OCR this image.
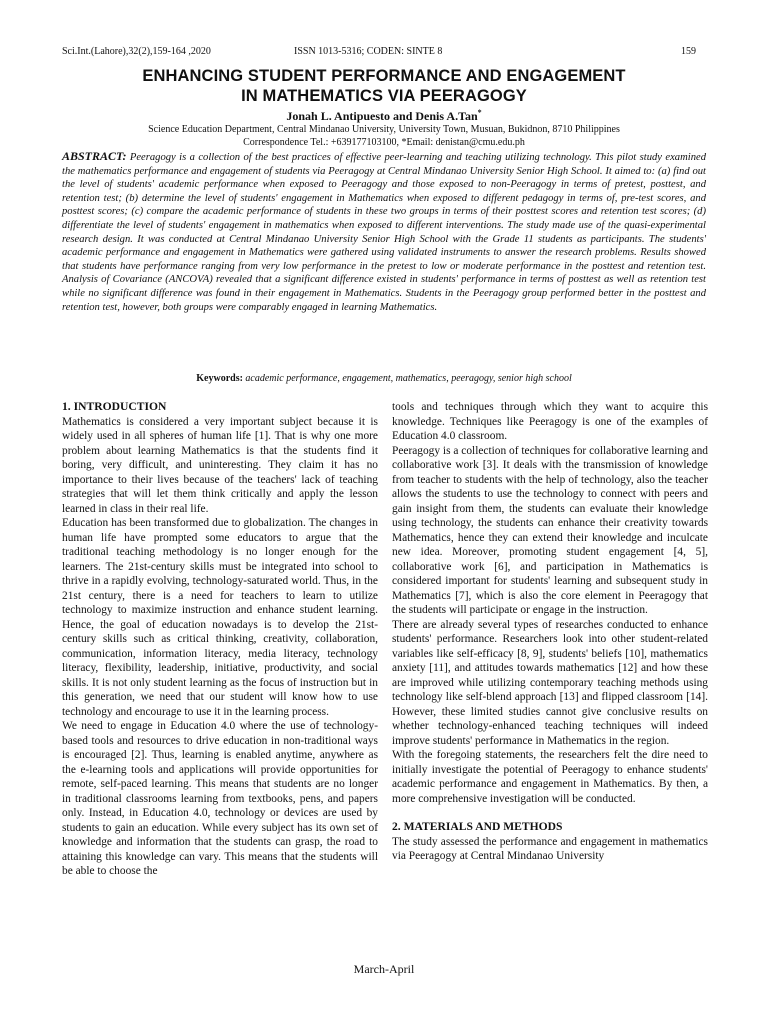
Sci.Int.(Lahore),32(2),159-164 ,2020	ISSN 1013-5316; CODEN: SINTE 8	159
ENHANCING STUDENT PERFORMANCE AND ENGAGEMENT
IN MATHEMATICS VIA PEERAGOGY
Jonah L. Antipuesto and Denis A.Tan*
Science Education Department, Central Mindanao University, University Town, Musuan, Bukidnon, 8710 Philippines
Correspondence Tel.: +639177103100, *Email: denistan@cmu.edu.ph
ABSTRACT: Peeragogy is a collection of the best practices of effective peer-learning and teaching utilizing technology. This pilot study examined the mathematics performance and engagement of students via Peeragogy at Central Mindanao University Senior High School. It aimed to: (a) find out the level of students' academic performance when exposed to Peeragogy and those exposed to non-Peeragogy in terms of pretest, posttest, and retention test; (b) determine the level of students' engagement in Mathematics when exposed to different pedagogy in terms of, pre-test scores, and posttest scores; (c) compare the academic performance of students in these two groups in terms of their posttest scores and retention test scores; (d) differentiate the level of students' engagement in mathematics when exposed to different interventions. The study made use of the quasi-experimental research design. It was conducted at Central Mindanao University Senior High School with the Grade 11 students as participants. The students' academic performance and engagement in Mathematics were gathered using validated instruments to answer the research problems. Results showed that students have performance ranging from very low performance in the pretest to low or moderate performance in the posttest and retention test. Analysis of Covariance (ANCOVA) revealed that a significant difference existed in students' performance in terms of posttest as well as retention test while no significant difference was found in their engagement in Mathematics. Students in the Peeragogy group performed better in the posttest and retention test, however, both groups were comparably engaged in learning Mathematics.
Keywords: academic performance, engagement, mathematics, peeragogy, senior high school

1. INTRODUCTION

Mathematics is considered a very important subject because it is widely used in all spheres of human life [1]. That is why one more problem about learning Mathematics is that the students find it boring, very difficult, and uninteresting. They claim it has no importance to their lives because of the teachers' lack of teaching strategies that will let them think critically and apply the lesson learned in class in their real life.

Education has been transformed due to globalization. The changes in human life have prompted some educators to argue that the traditional teaching methodology is no longer enough for the learners. The 21st-century skills must be integrated into school to thrive in a rapidly evolving, technology-saturated world. Thus, in the 21st century, there is a need for teachers to learn to utilize technology to maximize instruction and enhance student learning. Hence, the goal of education nowadays is to develop the 21st-century skills such as critical thinking, creativity, collaboration, communication, information literacy, media literacy, technology literacy, flexibility, leadership, initiative, productivity, and social skills. It is not only student learning as the focus of instruction but in this generation, we need that our student will know how to use technology and encourage to use it in the learning process.

We need to engage in Education 4.0 where the use of technology-based tools and resources to drive education in non-traditional ways is encouraged [2]. Thus, learning is enabled anytime, anywhere as the e-learning tools and applications will provide opportunities for remote, self-paced learning. This means that students are no longer in traditional classrooms learning from textbooks, pens, and papers only. Instead, in Education 4.0, technology or devices are used by students to gain an education. While every subject has its own set of knowledge and information that the students can grasp, the road to attaining this knowledge can vary. This means that the students will be able to choose the

tools and techniques through which they want to acquire this knowledge. Techniques like Peeragogy is one of the examples of Education 4.0 classroom.

Peeragogy is a collection of techniques for collaborative learning and collaborative work [3]. It deals with the transmission of knowledge from teacher to students with the help of technology, also the teacher allows the students to use the technology to connect with peers and gain insight from them, the students can evaluate their knowledge using technology, the students can enhance their creativity towards Mathematics, hence they can extend their knowledge and inculcate new idea. Moreover, promoting student engagement [4, 5], collaborative work [6], and participation in Mathematics is considered important for students' learning and subsequent study in Mathematics [7], which is also the core element in Peeragogy that the students will participate or engage in the instruction.

There are already several types of researches conducted to enhance students' performance. Researchers look into other student-related variables like self-efficacy [8, 9], students' beliefs [10], mathematics anxiety [11], and attitudes towards mathematics [12] and how these are improved while utilizing contemporary teaching methods using technology like self-blend approach [13] and flipped classroom [14]. However, these limited studies cannot give conclusive results on whether technology-enhanced teaching techniques will indeed improve students' performance in Mathematics in the region.

With the foregoing statements, the researchers felt the dire need to initially investigate the potential of Peeragogy to enhance students' academic performance and engagement in Mathematics. By then, a more comprehensive investigation will be conducted.

2. MATERIALS AND METHODS

The study assessed the performance and engagement in mathematics via Peeragogy at Central Mindanao University

March-April
